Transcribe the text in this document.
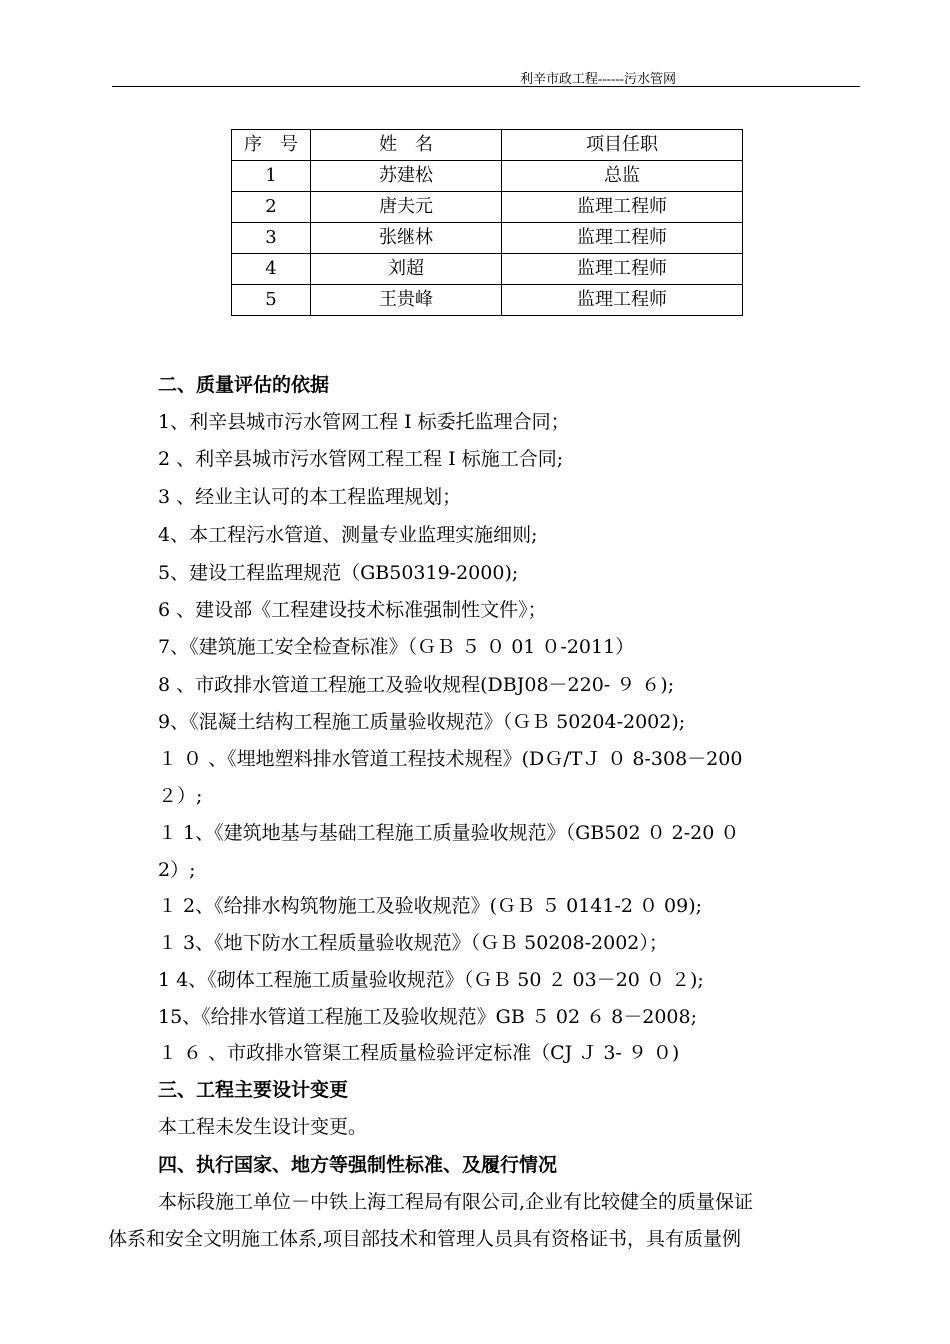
利辛市政工程------污水管网
序　号	姓　名	项目任职
1	苏建松	总监
2	唐夫元	监理工程师
3	张继林	监理工程师
4	刘超	监理工程师
5	王贵峰	监理工程师
二、质量评估的依据
1、利辛县城市污水管网工程 I 标委托监理合同；
2 、利辛县城市污水管网工程工程 I 标施工合同;
3 、经业主认可的本工程监理规划；
4、本工程污水管道、测量专业监理实施细则;
5、建设工程监理规范（GB50319-2000);
6 、建设部《工程建设技术标准强制性文件》；
7、《建筑施工安全检查标准》（ＧＢ ５ ０ 01 ０-2011）
8 、市政排水管道工程施工及验收规程(DBJ08－220- ９ ６);
9、《混凝土结构工程施工质量验收规范》（ＧＢ 50204-2002);
１ ０ 、《埋地塑料排水管道工程技术规程》(DＧ/TＪ ０ 8-308－200
２）;
１ 1、《建筑地基与基础工程施工质量验收规范》（GB502 ０ 2-20 ０
2）;
１ 2、《给排水构筑物施工及验收规范》(ＧＢ ５ 0141-2 ０ 09);
１ 3、《地下防水工程质量验收规范》（ＧＢ 50208-2002）；
1 4、《砌体工程施工质量验收规范》（ＧＢ 50 ２ 03－20 ０ ２);
15、《给排水管道工程施工及验收规范》GB ５ 02 ６ 8－2008;
１ ６ 、市政排水管渠工程质量检验评定标准（CJ Ｊ 3- ９ ０)
三、工程主要设计变更
本工程未发生设计变更。
四、执行国家、地方等强制性标准、及履行情况
本标段施工单位－中铁上海工程局有限公司,企业有比较健全的质量保证
体系和安全文明施工体系,项目部技术和管理人员具有资格证书，具有质量例
